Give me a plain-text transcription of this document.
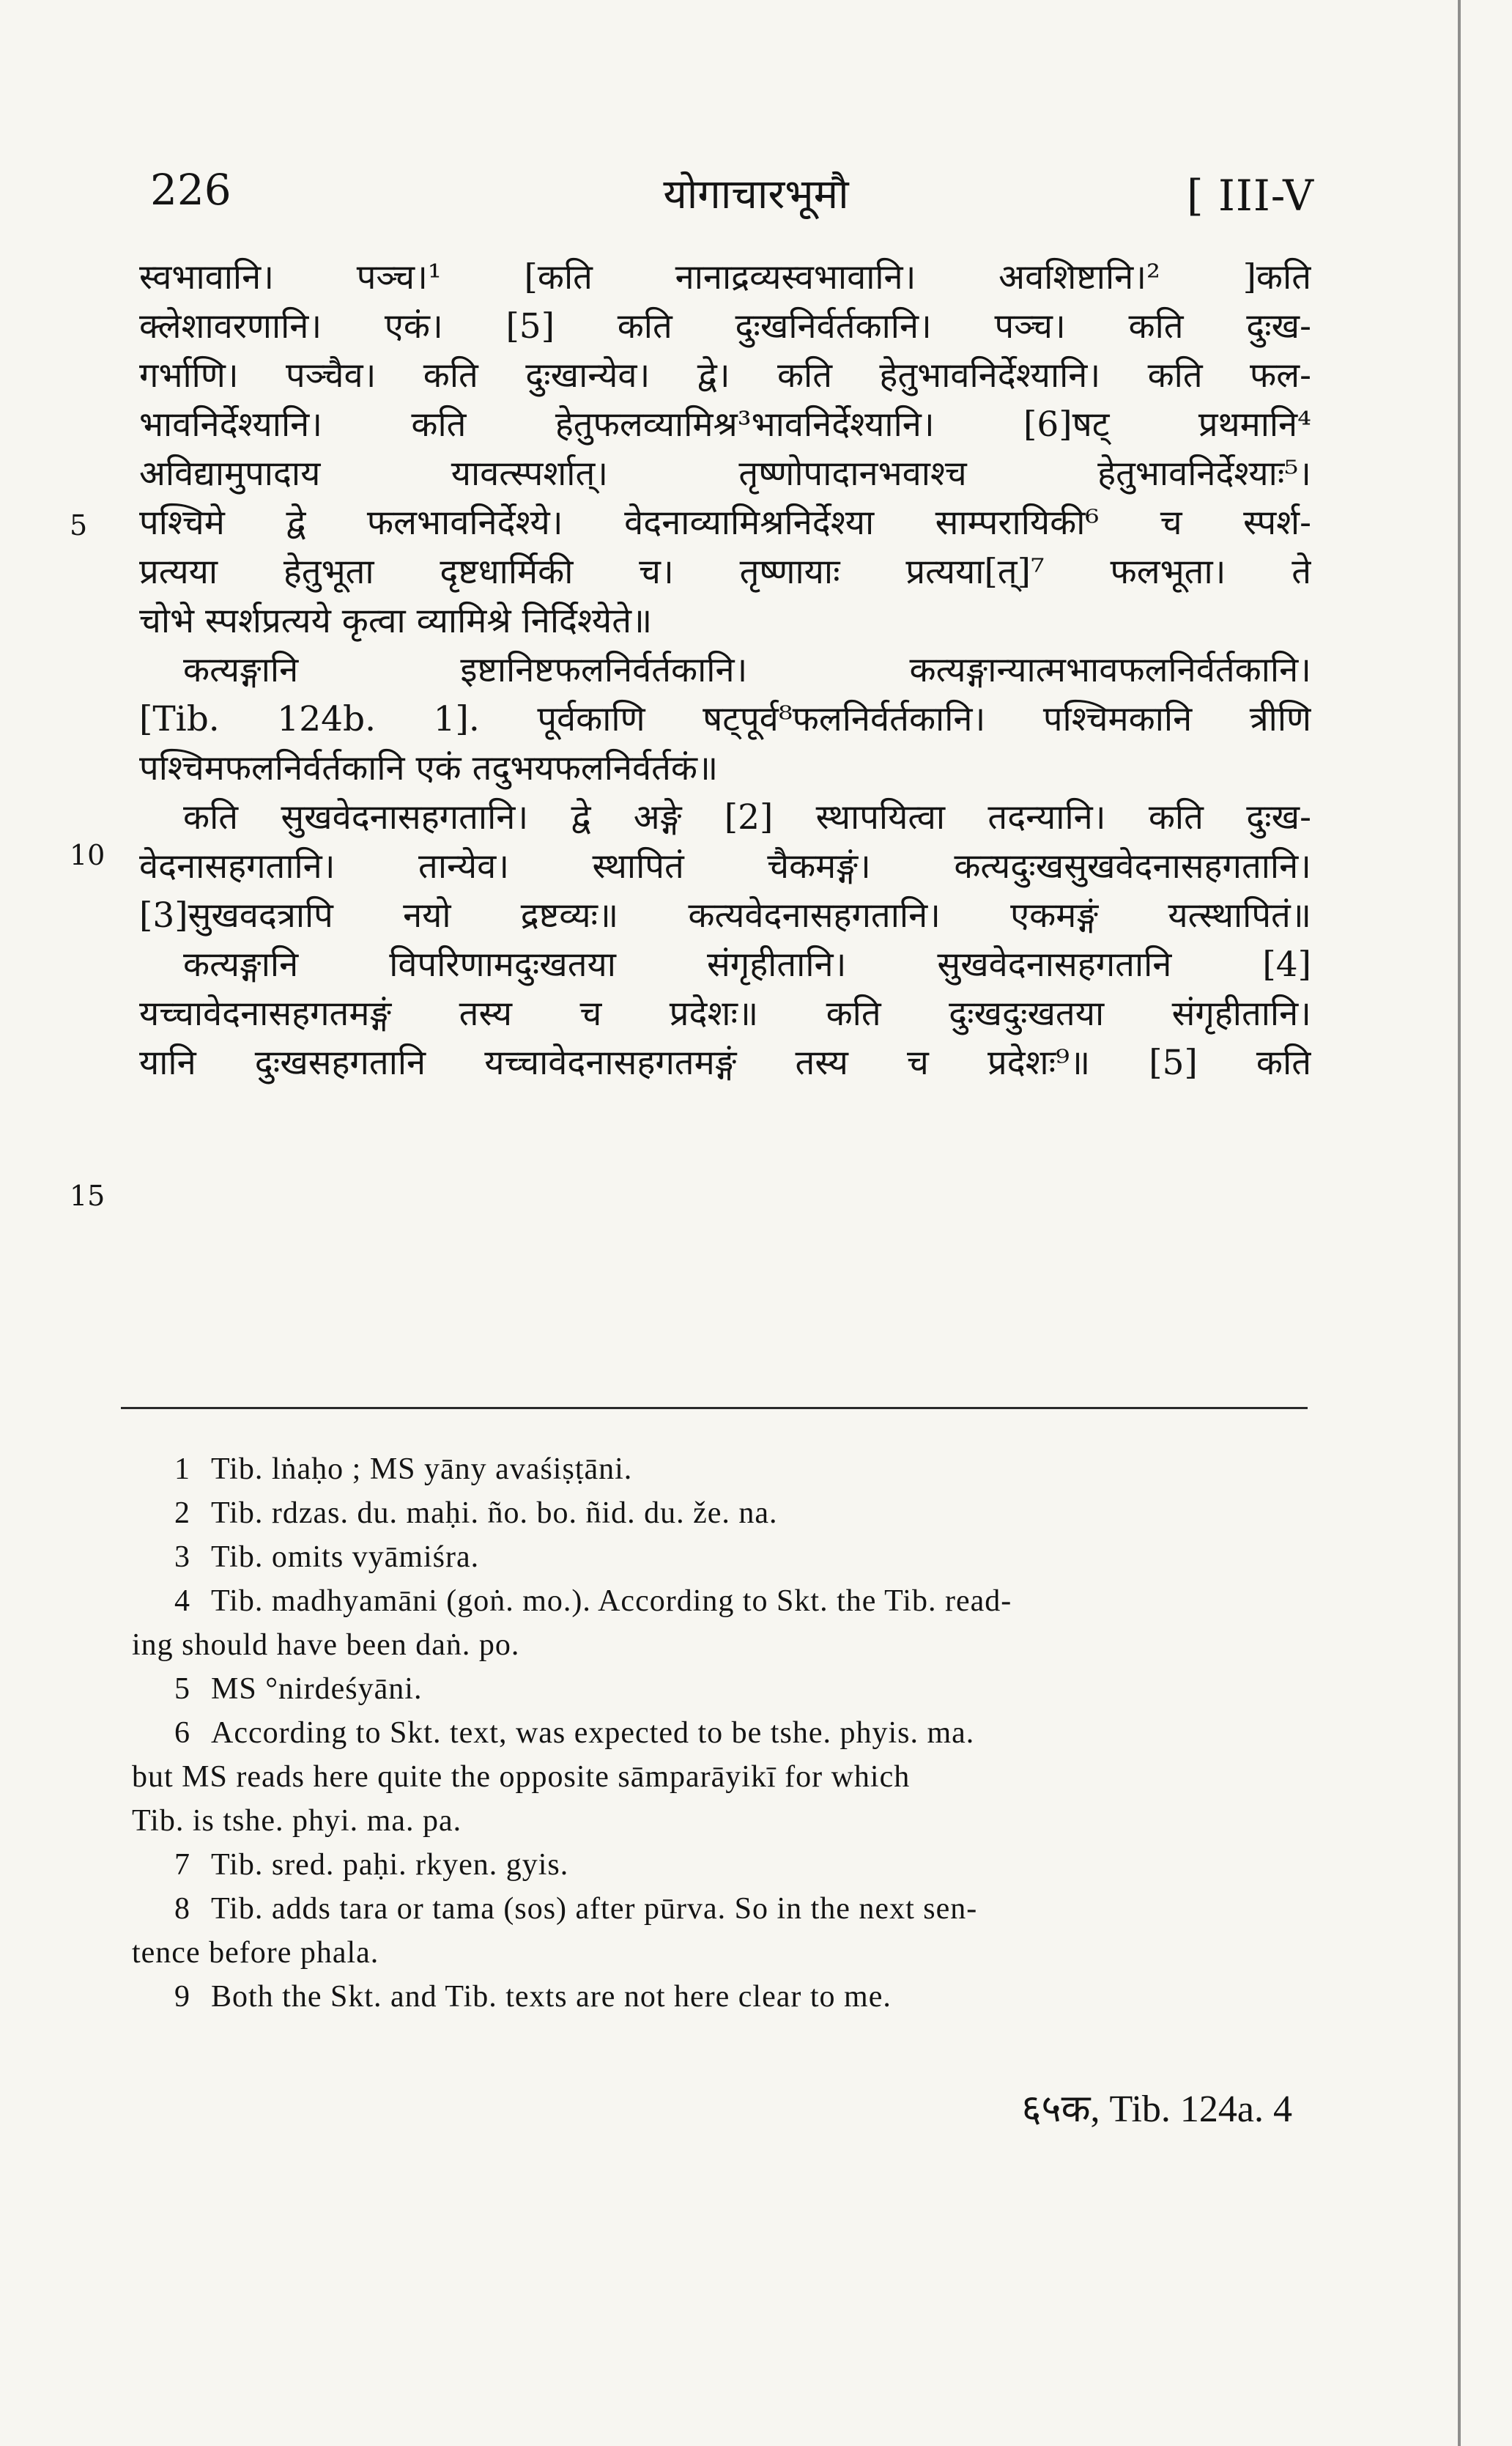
226	योगाचारभूमौ	[ III-V
5
10
15
स्वभावानि। पञ्च।¹ [कति नानाद्रव्यस्वभावानि। अवशिष्टानि।² ]कति
क्लेशावरणानि। एकं। [5] कति दुःखनिर्वर्तकानि। पञ्च। कति दुःख-
गर्भाणि। पञ्चैव। कति दुःखान्येव। द्वे। कति हेतुभावनिर्देश्यानि। कति फल-
भावनिर्देश्यानि। कति हेतुफलव्यामिश्र³भावनिर्देश्यानि। [6]षट् प्रथमानि⁴
अविद्यामुपादाय यावत्स्पर्शात्। तृष्णोपादानभवाश्च हेतुभावनिर्देश्याः⁵।
पश्चिमे द्वे फलभावनिर्देश्ये। वेदनाव्यामिश्रनिर्देश्या साम्परायिकी⁶ च स्पर्श-
प्रत्यया हेतुभूता दृष्टधार्मिकी च। तृष्णायाः प्रत्यया[त्]⁷ फलभूता। ते
चोभे स्पर्शप्रत्यये कृत्वा व्यामिश्रे निर्दिश्येते॥
कत्यङ्गानि इष्टानिष्टफलनिर्वर्तकानि। कत्यङ्गान्यात्मभावफलनिर्वर्तकानि।
[Tib. 124b. 1]. पूर्वकाणि षट्पूर्व⁸फलनिर्वर्तकानि। पश्चिमकानि त्रीणि
पश्चिमफलनिर्वर्तकानि एकं तदुभयफलनिर्वर्तकं॥
कति सुखवेदनासहगतानि। द्वे अङ्गे [2] स्थापयित्वा तदन्यानि। कति दुःख-
वेदनासहगतानि। तान्येव। स्थापितं चैकमङ्गं। कत्यदुःखसुखवेदनासहगतानि।
[3]सुखवदत्रापि नयो द्रष्टव्यः॥ कत्यवेदनासहगतानि। एकमङ्गं यत्स्थापितं॥
कत्यङ्गानि विपरिणामदुःखतया संगृहीतानि। सुखवेदनासहगतानि [4]
यच्चावेदनासहगतमङ्गं तस्य च प्रदेशः॥ कति दुःखदुःखतया संगृहीतानि।
यानि दुःखसहगतानि यच्चावेदनासहगतमङ्गं तस्य च प्रदेशः⁹॥ [5] कति
1 Tib. lṅaḥo ; MS yāny avaśiṣṭāni.
2 Tib. rdzas. du. maḥi. ño. bo. ñid. du. že. na.
3 Tib. omits vyāmiśra.
4 Tib. madhyamāni (goṅ. mo.). According to Skt. the Tib. read-
ing should have been daṅ. po.
5 MS °nirdeśyāni.
6 According to Skt. text, was expected to be tshe. phyis. ma.
but MS reads here quite the opposite sāmparāyikī for which
Tib. is tshe. phyi. ma. pa.
7 Tib. sred. paḥi. rkyen. gyis.
8 Tib. adds tara or tama (sos) after pūrva. So in the next sen-
tence before phala.
9 Both the Skt. and Tib. texts are not here clear to me.
६५क, Tib. 124a. 4
